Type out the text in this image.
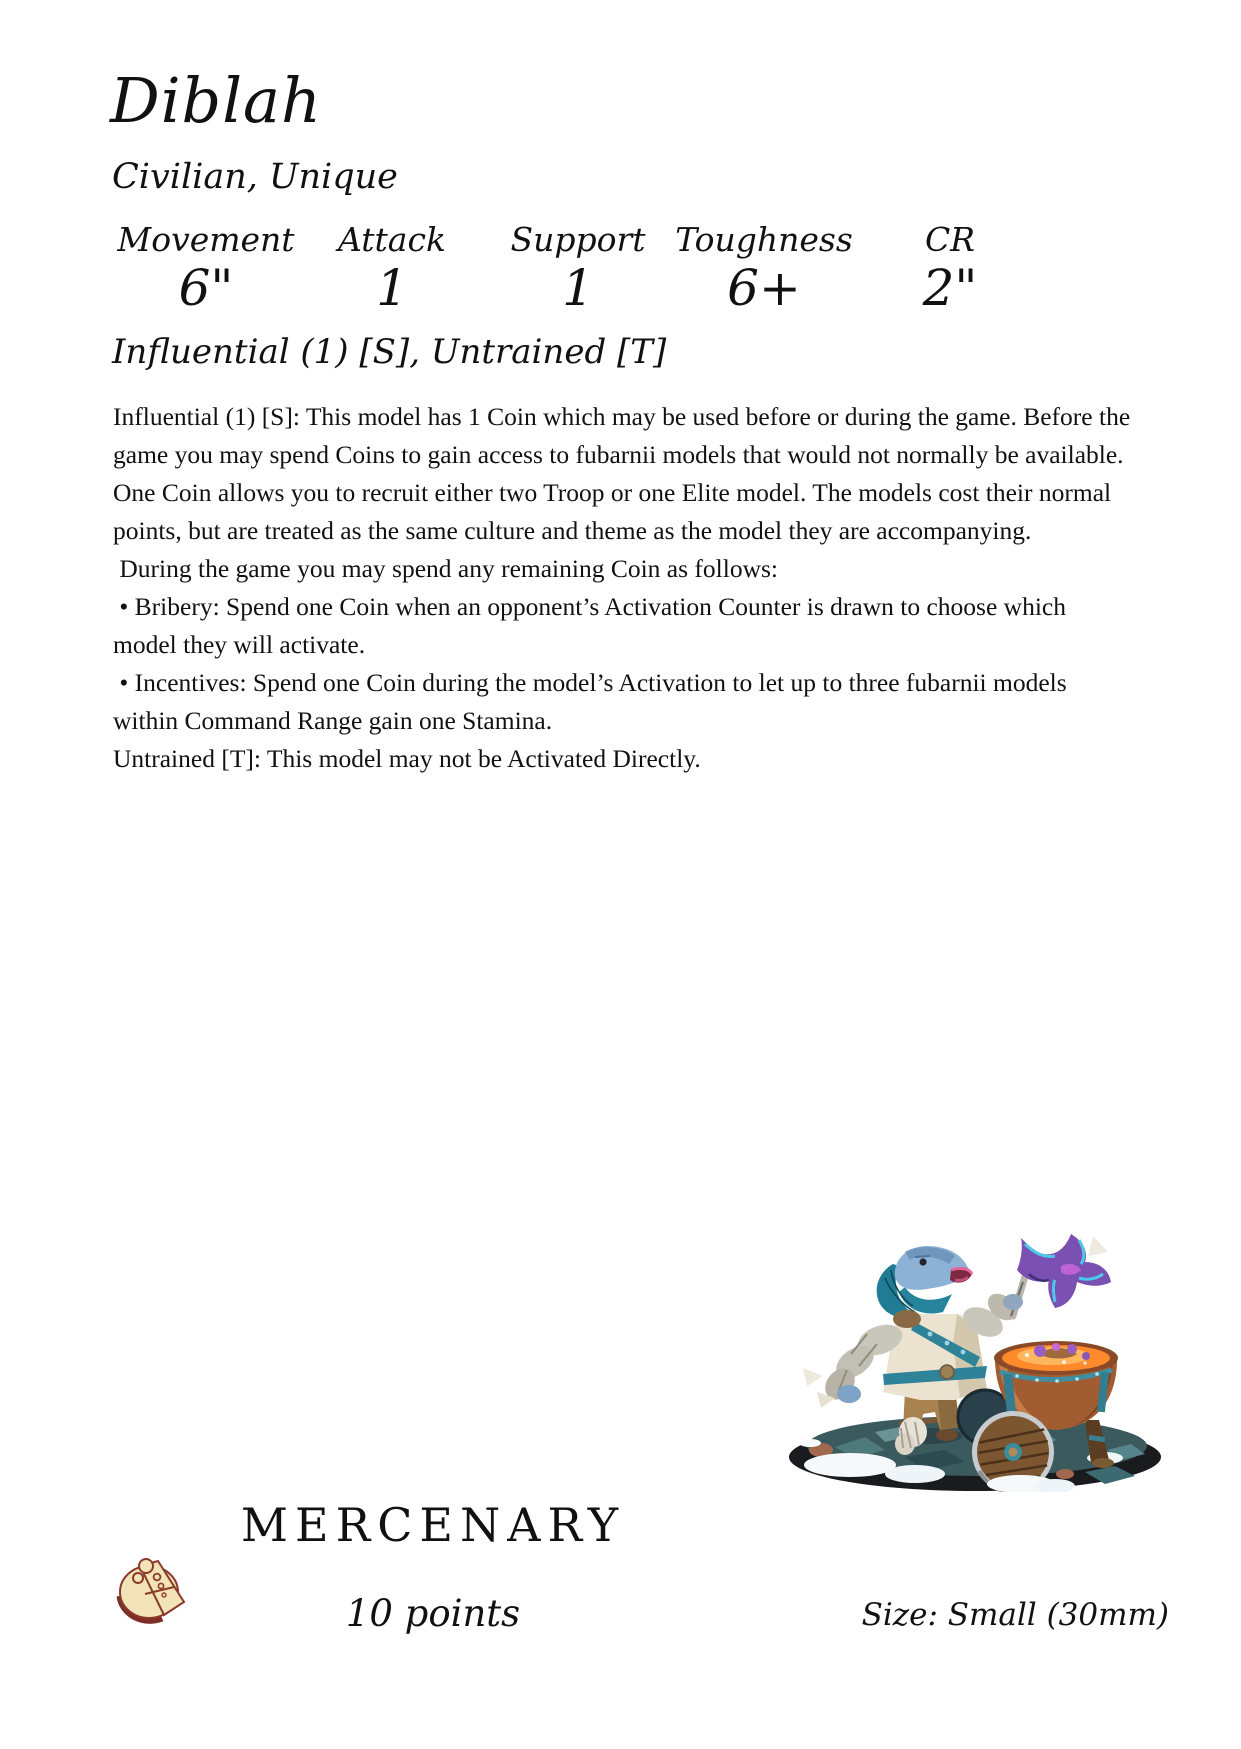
Diblah
Civilian, Unique
Movement
6"
Attack
1
Support
1
Toughness
6+
CR
2"
Influential (1) [S], Untrained [T]

Influential (1) [S]: This model has 1 Coin which may be used before or during the game. Before the game you may spend Coins to gain access to fubarnii models that would not normally be available. One Coin allows you to recruit either two Troop or one Elite model. The models cost their normal points, but are treated as the same culture and theme as the model they are accompanying.

During the game you may spend any remaining Coin as follows:

• Bribery: Spend one Coin when an opponent’s Activation Counter is drawn to choose which model they will activate.

• Incentives: Spend one Coin during the model’s Activation to let up to three fubarnii models within Command Range gain one Stamina.

Untrained [T]: This model may not be Activated Directly.

MERCENARY
10 points	Size: Small (30mm)
